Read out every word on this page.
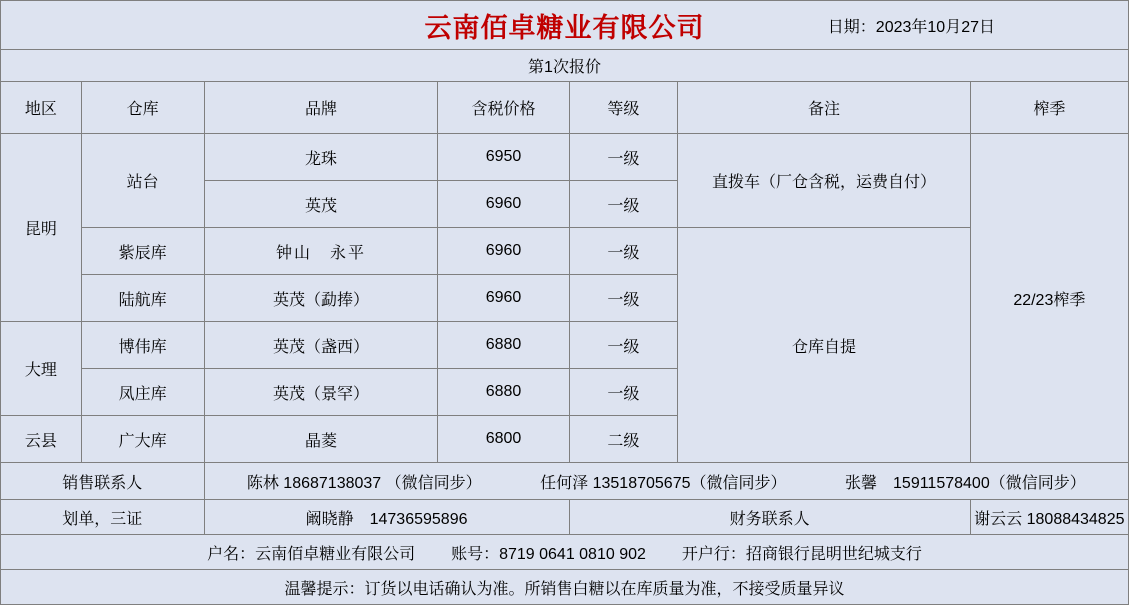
云南佰卓糖业有限公司 日期：2023年10月27日						

第1次报价						
地区	仓库	品牌	含税价格	等级	备注	榨季
昆明	站台	龙珠	6950	一级	直拨车（厂仓含税，运费自付）	22/23榨季
		英茂	6960	一级		
	紫辰库	钟山　永平	6960	一级	仓库自提	
	陆航库	英茂（勐捧）	6960	一级		
大理	博伟库	英茂（盏西）	6880	一级		
	凤庄库	英茂（景罕）	6880	一级		
云县	广大库	晶菱	6800	二级		
销售联系人		陈林 18687138037 （微信同步） 任何泽 13518705675（微信同步） 张馨　15911578400（微信同步）				

划单，三证		阚晓静　14736595896		财务联系人		谢云云 18088434825

户名：云南佰卓糖业有限公司 账号：8719 0641 0810 902 开户行：招商银行昆明世纪城支行						

温馨提示：订货以电话确认为准。所销售白糖以在库质量为准，不接受质量异议						
